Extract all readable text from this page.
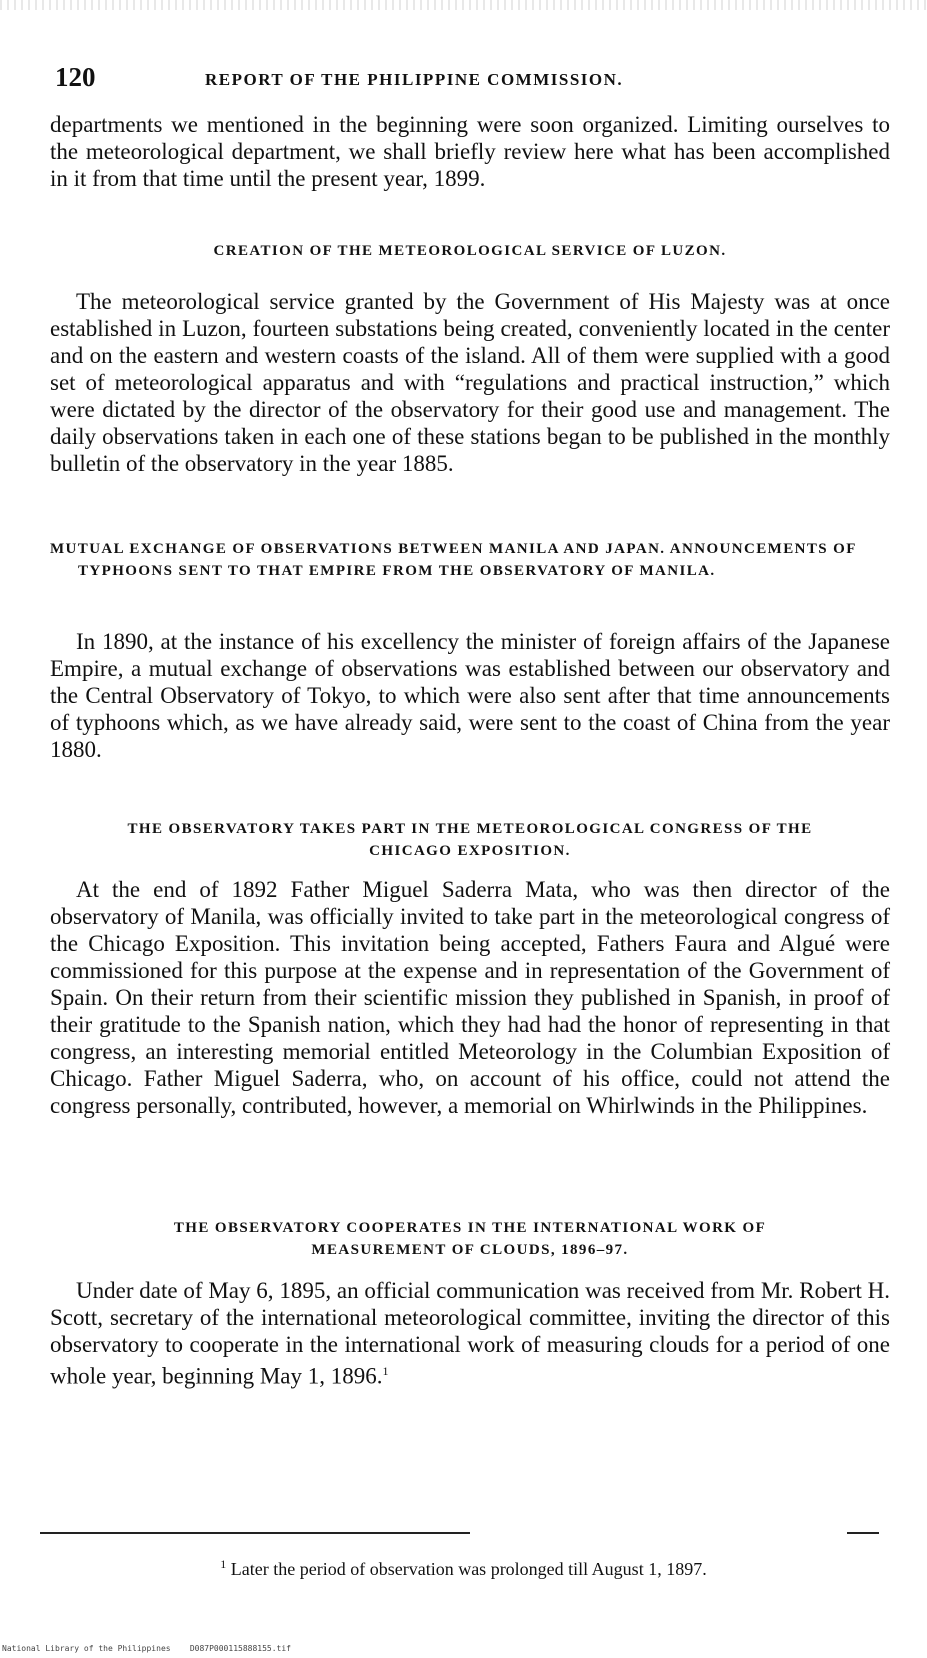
120	REPORT OF THE PHILIPPINE COMMISSION.

departments we mentioned in the beginning were soon organized. Limiting ourselves to the meteorological department, we shall briefly review here what has been accomplished in it from that time until the present year, 1899.

CREATION OF THE METEOROLOGICAL SERVICE OF LUZON.

The meteorological service granted by the Government of His Majesty was at once established in Luzon, fourteen substations being created, conveniently located in the center and on the eastern and western coasts of the island. All of them were supplied with a good set of meteorological apparatus and with “regulations and practical instruction,” which were dictated by the director of the observatory for their good use and management. The daily observations taken in each one of these stations began to be published in the monthly bulletin of the observatory in the year 1885.

MUTUAL EXCHANGE OF OBSERVATIONS BETWEEN MANILA AND JAPAN. ANNOUNCEMENTS OF TYPHOONS SENT TO THAT EMPIRE FROM THE OBSERVATORY OF MANILA.

In 1890, at the instance of his excellency the minister of foreign affairs of the Japanese Empire, a mutual exchange of observations was established between our observatory and the Central Observatory of Tokyo, to which were also sent after that time announcements of typhoons which, as we have already said, were sent to the coast of China from the year 1880.

THE OBSERVATORY TAKES PART IN THE METEOROLOGICAL CONGRESS OF THE CHICAGO EXPOSITION.

At the end of 1892 Father Miguel Saderra Mata, who was then director of the observatory of Manila, was officially invited to take part in the meteorological congress of the Chicago Exposition. This invitation being accepted, Fathers Faura and Algué were commissioned for this purpose at the expense and in representation of the Government of Spain. On their return from their scientific mission they published in Spanish, in proof of their gratitude to the Spanish nation, which they had had the honor of representing in that congress, an interesting memorial entitled Meteorology in the Columbian Exposition of Chicago. Father Miguel Saderra, who, on account of his office, could not attend the congress personally, contributed, however, a memorial on Whirlwinds in the Philippines.

THE OBSERVATORY COOPERATES IN THE INTERNATIONAL WORK OF MEASUREMENT OF CLOUDS, 1896–97.

Under date of May 6, 1895, an official communication was received from Mr. Robert H. Scott, secretary of the international meteorological committee, inviting the director of this observatory to cooperate in the international work of measuring clouds for a period of one whole year, beginning May 1, 1896.$^1$

$^1$ Later the period of observation was prolonged till August 1, 1897.
National Library of the Philippines    D087P000115888155.tif
